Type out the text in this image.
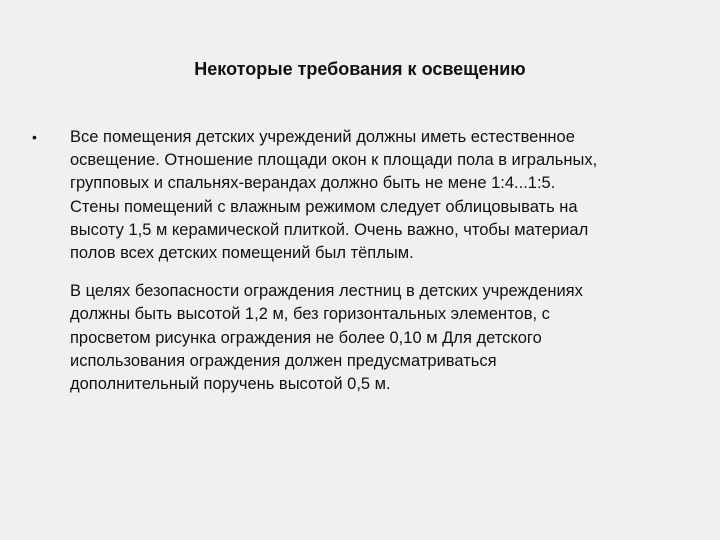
Некоторые требования к освещению
•	Все помещения детских учреждений должны иметь естественное
освещение. Отношение площади окон к площади пола в игральных,
групповых и спальнях-верандах должно быть не мене 1:4...1:5.
Стены помещений с влажным режимом следует облицовывать на
высоту 1,5 м керамической плиткой. Очень важно, чтобы материал
полов всех детских помещений был тёплым.

В целях безопасности ограждения лестниц в детских учреждениях
должны быть высотой 1,2 м, без горизонтальных элементов, с
просветом рисунка ограждения не более 0,10 м Для детского
использования ограждения должен предусматриваться
дополнительный поручень высотой 0,5 м.
